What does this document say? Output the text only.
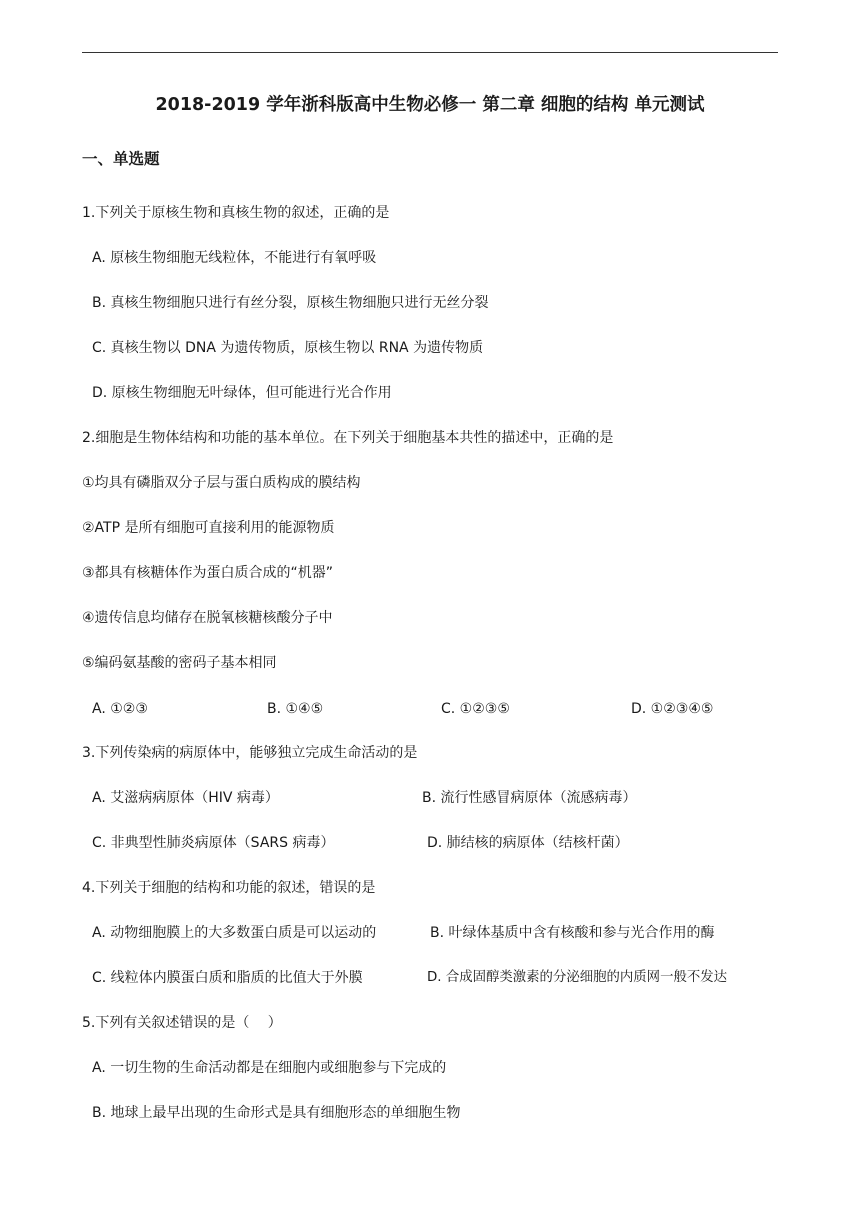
2018-2019 学年浙科版高中生物必修一 第二章 细胞的结构 单元测试
一、单选题
1.下列关于原核生物和真核生物的叙述，正确的是
A. 原核生物细胞无线粒体，不能进行有氧呼吸
B. 真核生物细胞只进行有丝分裂，原核生物细胞只进行无丝分裂
C. 真核生物以 DNA 为遗传物质，原核生物以 RNA 为遗传物质
D. 原核生物细胞无叶绿体，但可能进行光合作用
2.细胞是生物体结构和功能的基本单位。在下列关于细胞基本共性的描述中，正确的是
①均具有磷脂双分子层与蛋白质构成的膜结构
②ATP 是所有细胞可直接利用的能源物质
③都具有核糖体作为蛋白质合成的“机器”
④遗传信息均储存在脱氧核糖核酸分子中
⑤编码氨基酸的密码子基本相同
A. ①②③	B. ①④⑤	C. ①②③⑤	D. ①②③④⑤
3.下列传染病的病原体中，能够独立完成生命活动的是
A. 艾滋病病原体（HIV 病毒）	B. 流行性感冒病原体（流感病毒）
C. 非典型性肺炎病原体（SARS 病毒）	D. 肺结核的病原体（结核杆菌）
4.下列关于细胞的结构和功能的叙述，错误的是
A. 动物细胞膜上的大多数蛋白质是可以运动的	B. 叶绿体基质中含有核酸和参与光合作用的酶
C. 线粒体内膜蛋白质和脂质的比值大于外膜	D. 合成固醇类激素的分泌细胞的内质网一般不发达
5.下列有关叙述错误的是（　 ）
A. 一切生物的生命活动都是在细胞内或细胞参与下完成的
B. 地球上最早出现的生命形式是具有细胞形态的单细胞生物
